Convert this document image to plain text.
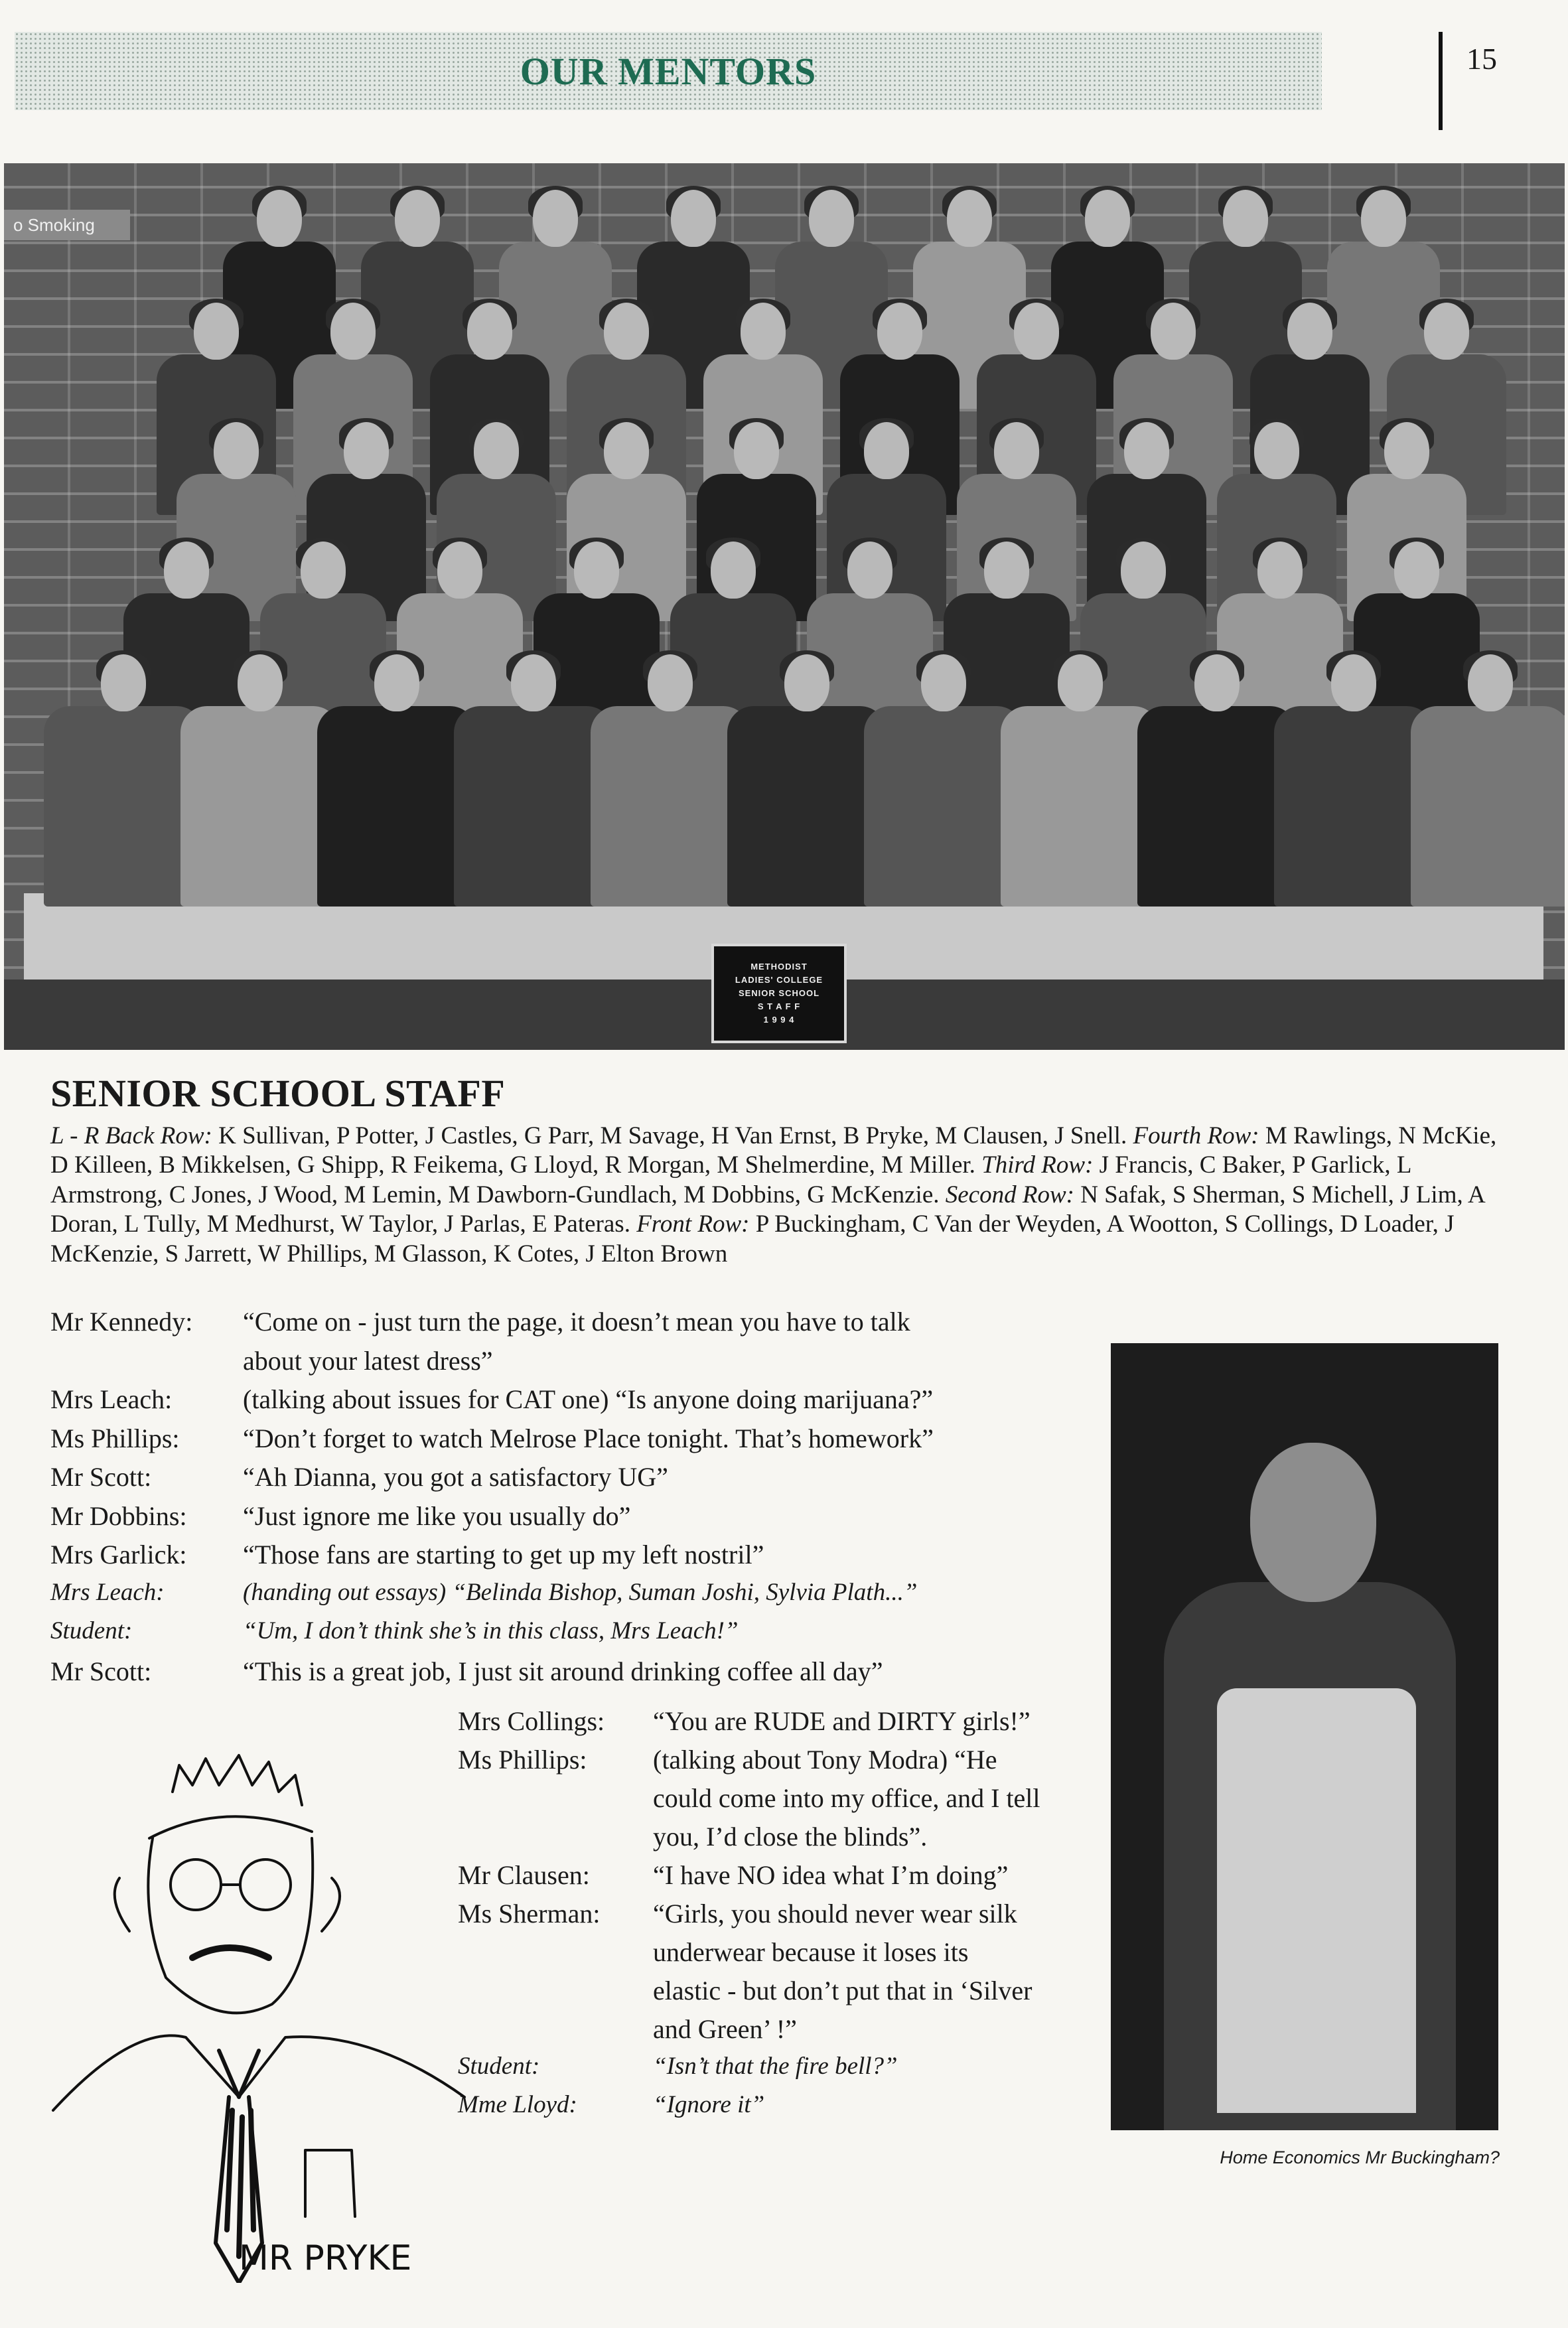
OUR MENTORS	15
o Smoking
METHODIST
LADIES' COLLEGE
SENIOR SCHOOL
S T A F F
1 9 9 4
SENIOR SCHOOL STAFF
L - R Back Row: K Sullivan, P Potter, J Castles, G Parr, M Savage, H Van Ernst, B Pryke, M Clausen, J Snell. Fourth Row: M Rawlings, N McKie, D Killeen, B Mikkelsen, G Shipp, R Feikema, G Lloyd, R Morgan, M Shelmerdine, M Miller. Third Row: J Francis, C Baker, P Garlick, L Armstrong, C Jones, J Wood, M Lemin, M Dawborn-Gundlach, M Dobbins, G McKenzie. Second Row: N Safak, S Sherman, S Michell, J Lim, A Doran, L Tully, M Medhurst, W Taylor, J Parlas, E Pateras. Front Row: P Buckingham, C Van der Weyden, A Wootton, S Collings, D Loader, J McKenzie, S Jarrett, W Phillips, M Glasson, K Cotes, J Elton Brown
Mr Kennedy:	“Come on - just turn the page, it doesn’t mean you have to talk
about your latest dress”
Mrs Leach:	(talking about issues for CAT one) “Is anyone doing marijuana?”
Ms Phillips:	“Don’t forget to watch Melrose Place tonight. That’s homework”
Mr Scott:	“Ah Dianna, you got a satisfactory UG”
Mr Dobbins:	“Just ignore me like you usually do”
Mrs Garlick:	“Those fans are starting to get up my left nostril”
Mrs Leach:	(handing out essays) “Belinda Bishop, Suman Joshi, Sylvia Plath...”
Student:	“Um, I don’t think she’s in this class, Mrs Leach!”
Mr Scott:	“This is a great job, I just sit around drinking coffee all day”
Mrs Collings:	“You are RUDE and DIRTY girls!”
Ms Phillips:	(talking about Tony Modra) “He
could come into my office, and I tell
you, I’d close the blinds”.
Mr Clausen:	“I have NO idea what I’m doing”
Ms Sherman:	“Girls, you should never wear silk
underwear because it loses its
elastic - but don’t put that in ‘Silver
and Green’ !”
Student:	“Isn’t that the fire bell?”
Mme Lloyd:	“Ignore it”
Home Economics Mr Buckingham?
MR PRYKE
